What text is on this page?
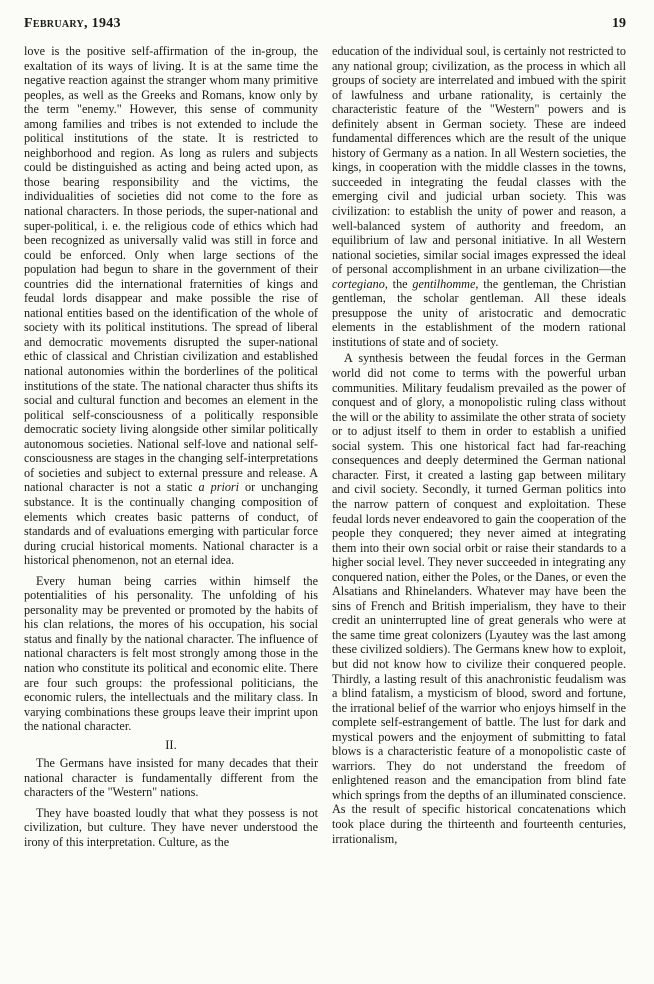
February, 1943	19

love is the positive self-affirmation of the in-group, the exaltation of its ways of living. It is at the same time the negative reaction against the stranger whom many primitive peoples, as well as the Greeks and Romans, know only by the term "enemy." However, this sense of community among families and tribes is not extended to include the political institutions of the state. It is restricted to neighborhood and region. As long as rulers and subjects could be distinguished as acting and being acted upon, as those bearing responsibility and the victims, the individualities of societies did not come to the fore as national characters. In those periods, the super-national and super-political, i. e. the religious code of ethics which had been recognized as universally valid was still in force and could be enforced. Only when large sections of the population had begun to share in the government of their countries did the international fraternities of kings and feudal lords disappear and make possible the rise of national entities based on the identification of the whole of society with its political institutions. The spread of liberal and democratic movements disrupted the super-national ethic of classical and Christian civilization and established national autonomies within the borderlines of the political institutions of the state. The national character thus shifts its social and cultural function and becomes an element in the political self-consciousness of a politically responsible democratic society living alongside other similar politically autonomous societies. National self-love and national self-consciousness are stages in the changing self-interpretations of societies and subject to external pressure and release. A national character is not a static a priori or unchanging substance. It is the continually changing composition of elements which creates basic patterns of conduct, of standards and of evaluations emerging with particular force during crucial historical moments. National character is a historical phenomenon, not an eternal idea.

Every human being carries within himself the potentialities of his personality. The unfolding of his personality may be prevented or promoted by the habits of his clan relations, the mores of his occupation, his social status and finally by the national character. The influence of national characters is felt most strongly among those in the nation who constitute its political and economic elite. There are four such groups: the professional politicians, the economic rulers, the intellectuals and the military class. In varying combinations these groups leave their imprint upon the national character.

II.

The Germans have insisted for many decades that their national character is fundamentally different from the characters of the "Western" nations.

They have boasted loudly that what they possess is not civilization, but culture. They have never understood the irony of this interpretation. Culture, as the

education of the individual soul, is certainly not restricted to any national group; civilization, as the process in which all groups of society are interrelated and imbued with the spirit of lawfulness and urbane rationality, is certainly the characteristic feature of the "Western" powers and is definitely absent in German society. These are indeed fundamental differences which are the result of the unique history of Germany as a nation. In all Western societies, the kings, in cooperation with the middle classes in the towns, succeeded in integrating the feudal classes with the emerging civil and judicial urban society. This was civilization: to establish the unity of power and reason, a well-balanced system of authority and freedom, an equilibrium of law and personal initiative. In all Western national societies, similar social images expressed the ideal of personal accomplishment in an urbane civilization—the cortegiano, the gentilhomme, the gentleman, the Christian gentleman, the scholar gentleman. All these ideals presuppose the unity of aristocratic and democratic elements in the establishment of the modern rational institutions of state and of society.

A synthesis between the feudal forces in the German world did not come to terms with the powerful urban communities. Military feudalism prevailed as the power of conquest and of glory, a monopolistic ruling class without the will or the ability to assimilate the other strata of society or to adjust itself to them in order to establish a unified social system. This one historical fact had far-reaching consequences and deeply determined the German national character. First, it created a lasting gap between military and civil society. Secondly, it turned German politics into the narrow pattern of conquest and exploitation. These feudal lords never endeavored to gain the cooperation of the people they conquered; they never aimed at integrating them into their own social orbit or raise their standards to a higher social level. They never succeeded in integrating any conquered nation, either the Poles, or the Danes, or even the Alsatians and Rhinelanders. Whatever may have been the sins of French and British imperialism, they have to their credit an uninterrupted line of great generals who were at the same time great colonizers (Lyautey was the last among these civilized soldiers). The Germans knew how to exploit, but did not know how to civilize their conquered people. Thirdly, a lasting result of this anachronistic feudalism was a blind fatalism, a mysticism of blood, sword and fortune, the irrational belief of the warrior who enjoys himself in the complete self-estrangement of battle. The lust for dark and mystical powers and the enjoyment of submitting to fatal blows is a characteristic feature of a monopolistic caste of warriors. They do not understand the freedom of enlightened reason and the emancipation from blind fate which springs from the depths of an illuminated conscience. As the result of specific historical concatenations which took place during the thirteenth and fourteenth centuries, irrationalism,
